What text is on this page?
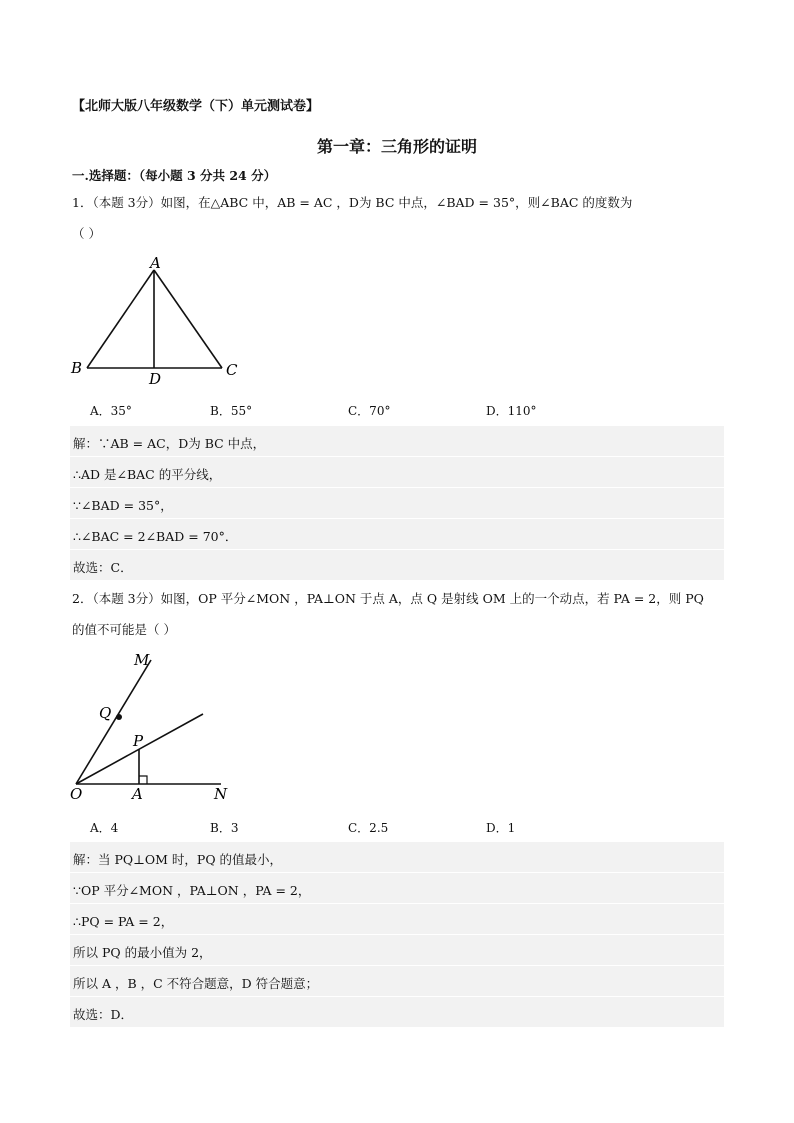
【北师大版八年级数学（下）单元测试卷】
第一章：三角形的证明
一.选择题：（每小题 3 分共 24 分）
1．（本题 3分）如图，在△ABC 中，AB = AC ，D为 BC 中点，∠BAD = 35°，则∠BAC 的度数为
（ ）
A
B	C
D
A．35°	B．55°	C．70°	D．110°
解：∵AB = AC，D为 BC 中点，
∴AD 是∠BAC 的平分线，
∵∠BAD = 35°，
∴∠BAC = 2∠BAD = 70°．
故选：C．
2．（本题 3分）如图，OP 平分∠MON ，PA⊥ON 于点 A，点 Q 是射线 OM 上的一个动点，若 PA = 2，则 PQ
的值不可能是（ ）
M
Q
P
O	A	N
A．4	B．3	C．2.5	D．1
解：当 PQ⊥OM 时，PQ 的值最小，
∵OP 平分∠MON ，PA⊥ON ，PA = 2，
∴PQ = PA = 2，
所以 PQ 的最小值为 2，
所以 A ，B ，C 不符合题意，D 符合题意；
故选：D．
